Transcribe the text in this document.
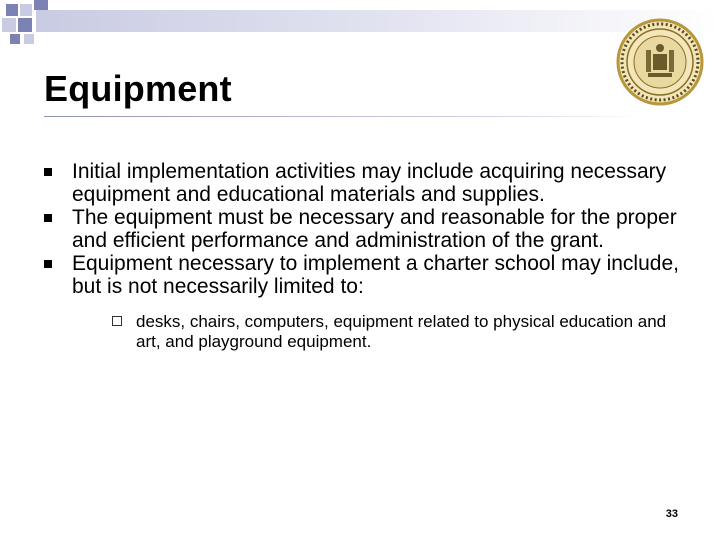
Equipment
Initial implementation activities may include acquiring necessary equipment and educational materials and supplies.
The equipment must be necessary and reasonable for the proper and efficient performance and administration of the grant.
Equipment necessary to implement a charter school may include, but is not necessarily limited to:
desks, chairs, computers, equipment related to physical education and art, and playground equipment.
33
